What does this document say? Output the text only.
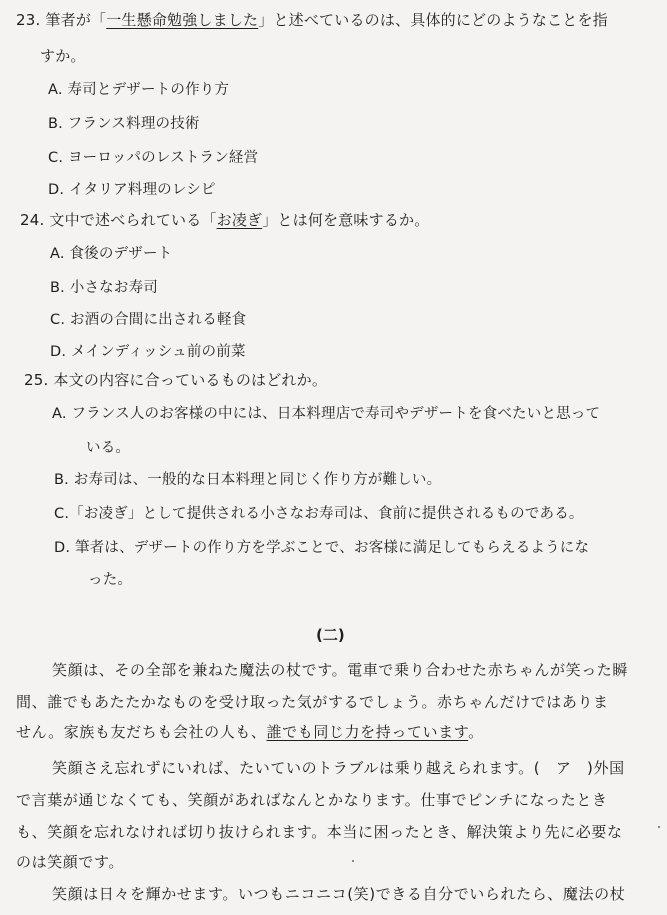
23. 筆者が「一生懸命勉強しました」と述べているのは、具体的にどのようなことを指
すか。
A. 寿司とデザートの作り方
B. フランス料理の技術
C. ヨーロッパのレストラン経営
D. イタリア料理のレシピ
24. 文中で述べられている「お凌ぎ」とは何を意味するか。
A. 食後のデザート
B. 小さなお寿司
C. お酒の合間に出される軽食
D. メインディッシュ前の前菜
25. 本文の内容に合っているものはどれか。
A. フランス人のお客様の中には、日本料理店で寿司やデザートを食べたいと思って
いる。
B. お寿司は、一般的な日本料理と同じく作り方が難しい。
C.「お凌ぎ」として提供される小さなお寿司は、食前に提供されるものである。
D. 筆者は、デザートの作り方を学ぶことで、お客様に満足してもらえるようにな
った。
(二)
笑顔は、その全部を兼ねた魔法の杖です。電車で乗り合わせた赤ちゃんが笑った瞬
間、誰でもあたたかなものを受け取った気がするでしょう。赤ちゃんだけではありま
せん。家族も友だちも会社の人も、誰でも同じ力を持っています。
笑顔さえ忘れずにいれば、たいていのトラブルは乗り越えられます。(　ア　)外国
で言葉が通じなくても、笑顔があればなんとかなります。仕事でピンチになったとき
も、笑顔を忘れなければ切り抜けられます。本当に困ったとき、解決策より先に必要な
のは笑顔です。
笑顔は日々を輝かせます。いつもニコニコ(笑)できる自分でいられたら、魔法の杖
